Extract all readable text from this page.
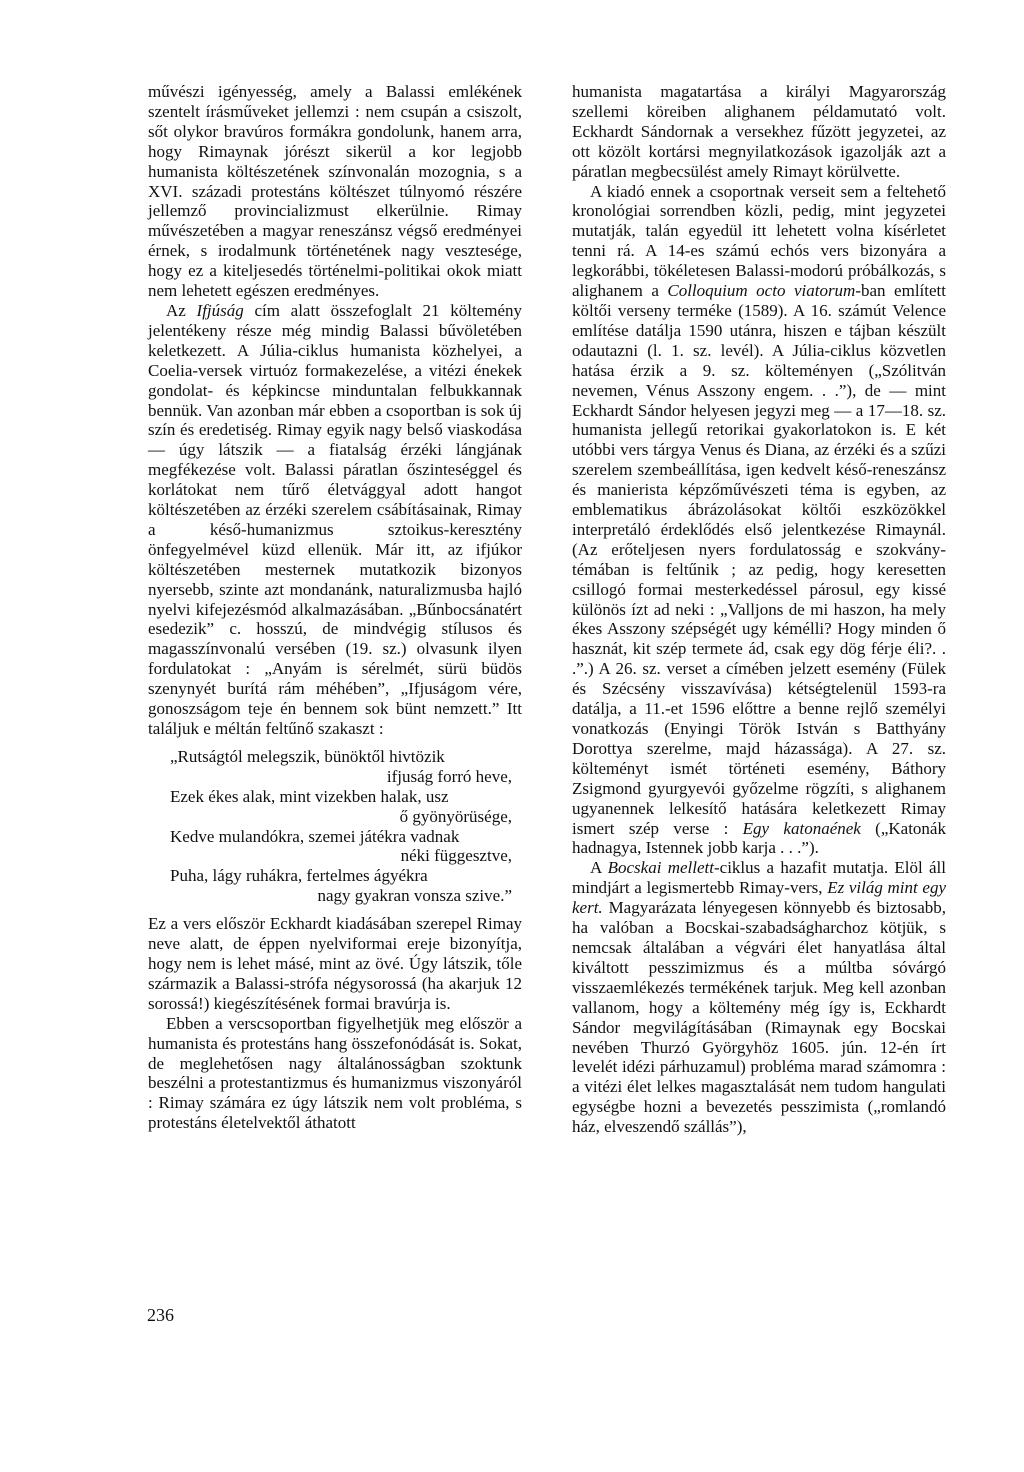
művészi igényesség, amely a Balassi emlékének szentelt írásműveket jellemzi : nem csupán a csiszolt, sőt olykor bravúros formákra gondolunk, hanem arra, hogy Rimaynak jórészt sikerül a kor legjobb humanista költészetének színvonalán mozognia, s a XVI. századi protestáns költészet túlnyomó részére jellemző provincializmust elkerülnie. Rimay művészetében a magyar reneszánsz végső eredményei érnek, s irodalmunk történetének nagy vesztesége, hogy ez a kiteljesedés történelmi-politikai okok miatt nem lehetett egészen eredményes.

Az Ifjúság cím alatt összefoglalt 21 költemény jelentékeny része még mindig Balassi bűvöletében keletkezett. A Júlia-ciklus humanista közhelyei, a Coelia-versek virtuóz formakezelése, a vitézi énekek gondolat- és képkincse minduntalan felbukkannak bennük. Van azonban már ebben a csoportban is sok új szín és eredetiség. Rimay egyik nagy belső viaskodása — úgy látszik — a fiatalság érzéki lángjának megfékezése volt. Balassi páratlan őszinteséggel és korlátokat nem tűrő életvággyal adott hangot költészetében az érzéki szerelem csábításainak, Rimay a késő-humanizmus sztoikus-keresztény önfegyelmével küzd ellenük. Már itt, az ifjúkor költészetében mesternek mutatkozik bizonyos nyersebb, szinte azt mondanánk, naturalizmusba hajló nyelvi kifejezésmód alkalmazásában. „Bűnbocsánatért esedezik” c. hosszú, de mindvégig stílusos és magasszínvonalú versében (19. sz.) olvasunk ilyen fordulatokat : „Anyám is sérelmét, sürü büdös szenynyét burítá rám méhében”, „Ifjuságom vére, gonoszságom teje én bennem sok bünt nemzett.” Itt találjuk e méltán feltűnő szakaszt :

„Rutságtól melegszik, bünöktől hivtözik
ifjuság forró heve,
Ezek ékes alak, mint vizekben halak, usz
ő gyönyörüsége,
Kedve mulandókra, szemei játékra vadnak
néki függesztve,
Puha, lágy ruhákra, fertelmes ágyékra
nagy gyakran vonsza szive.”

Ez a vers először Eckhardt kiadásában szerepel Rimay neve alatt, de éppen nyelviformai ereje bizonyítja, hogy nem is lehet másé, mint az övé. Úgy látszik, tőle származik a Balassi-strófa négysorossá (ha akarjuk 12 sorossá!) kiegészítésének formai bravúrja is.

Ebben a verscsoportban figyelhetjük meg először a humanista és protestáns hang összefonódását is. Sokat, de meglehetősen nagy általánosságban szoktunk beszélni a protestantizmus és humanizmus viszonyáról : Rimay számára ez úgy látszik nem volt probléma, s protestáns életelvektől áthatott

humanista magatartása a királyi Magyarország szellemi köreiben alighanem példamutató volt. Eckhardt Sándornak a versekhez fűzött jegyzetei, az ott közölt kortársi megnyilatkozások igazolják azt a páratlan megbecsülést amely Rimayt körülvette.

A kiadó ennek a csoportnak verseit sem a feltehető kronológiai sorrendben közli, pedig, mint jegyzetei mutatják, talán egyedül itt lehetett volna kísérletet tenni rá. A 14-es számú echós vers bizonyára a legkorábbi, tökéletesen Balassi-modorú próbálkozás, s alighanem a Colloquium octo viatorum-ban említett költői verseny terméke (1589). A 16. számút Velence említése datálja 1590 utánra, hiszen e tájban készült odautazni (l. 1. sz. levél). A Júlia-ciklus közvetlen hatása érzik a 9. sz. költeményen („Szólitván nevemen, Vénus Asszony engem. . .”), de — mint Eckhardt Sándor helyesen jegyzi meg — a 17—18. sz. humanista jellegű retorikai gyakorlatokon is. E két utóbbi vers tárgya Venus és Diana, az érzéki és a szűzi szerelem szembeállítása, igen kedvelt késő-reneszánsz és manierista képzőművészeti téma is egyben, az emblematikus ábrázolásokat költői eszközökkel interpretáló érdeklődés első jelentkezése Rimaynál. (Az erőteljesen nyers fordulatosság e szokvány-témában is feltűnik ; az pedig, hogy keresetten csillogó formai mesterkedéssel párosul, egy kissé különös ízt ad neki : „Valljons de mi haszon, ha mely ékes Asszony szépségét ugy kémélli? Hogy minden ő hasznát, kit szép termete ád, csak egy dög férje éli?. . .”.) A 26. sz. verset a címében jelzett esemény (Fülek és Szécsény visszavívása) kétségtelenül 1593-ra datálja, a 11.-et 1596 előttre a benne rejlő személyi vonatkozás (Enyingi Török István s Batthyány Dorottya szerelme, majd házassága). A 27. sz. költeményt ismét történeti esemény, Báthory Zsigmond gyurgyevói győzelme rögzíti, s alighanem ugyanennek lelkesítő hatására keletkezett Rimay ismert szép verse : Egy katonaének („Katonák hadnagya, Istennek jobb karja . . .”).

A Bocskai mellett-ciklus a hazafit mutatja. Elöl áll mindjárt a legismertebb Rimay-vers, Ez világ mint egy kert. Magyarázata lényegesen könnyebb és biztosabb, ha valóban a Bocskai-szabadságharchoz kötjük, s nemcsak általában a végvári élet hanyatlása által kiváltott pesszimizmus és a múltba sóvárgó visszaemlékezés termékének tarjuk. Meg kell azonban vallanom, hogy a költemény még így is, Eckhardt Sándor megvilágításában (Rimaynak egy Bocskai nevében Thurzó Györgyhöz 1605. jún. 12-én írt levelét idézi párhuzamul) probléma marad számomra : a vitézi élet lelkes magasztalását nem tudom hangulati egységbe hozni a bevezetés pesszimista („romlandó ház, elveszendő szállás”),

236
